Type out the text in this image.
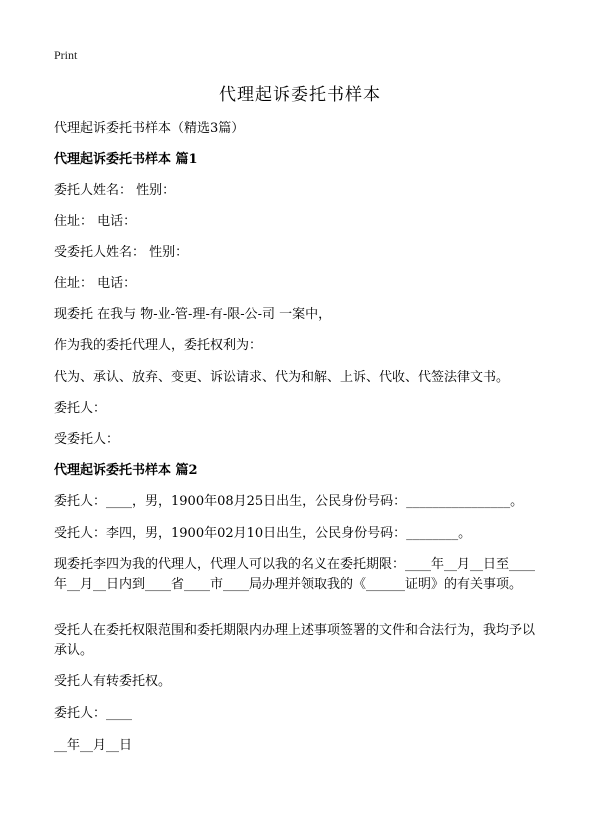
Print
代理起诉委托书样本
代理起诉委托书样本（精选3篇）
代理起诉委托书样本 篇1
委托人姓名： 性别：
住址： 电话：
受委托人姓名： 性别：
住址： 电话：
现委托 在我与 物-业-管-理-有-限-公-司 一案中，
作为我的委托代理人，委托权利为：
代为、承认、放弃、变更、诉讼请求、代为和解、上诉、代收、代签法律文书。
委托人：
受委托人：
代理起诉委托书样本 篇2
委托人：____，男，1900年08月25日出生，公民身份号码：________________。
受托人：李四，男，1900年02月10日出生，公民身份号码：________。
现委托李四为我的代理人，代理人可以我的名义在委托期限：____年__月__日至____年__月__日内到____省____市____局办理并领取我的《______证明》的有关事项。
受托人在委托权限范围和委托期限内办理上述事项签署的文件和合法行为，我均予以承认。
受托人有转委托权。
委托人：____
__年__月__日
